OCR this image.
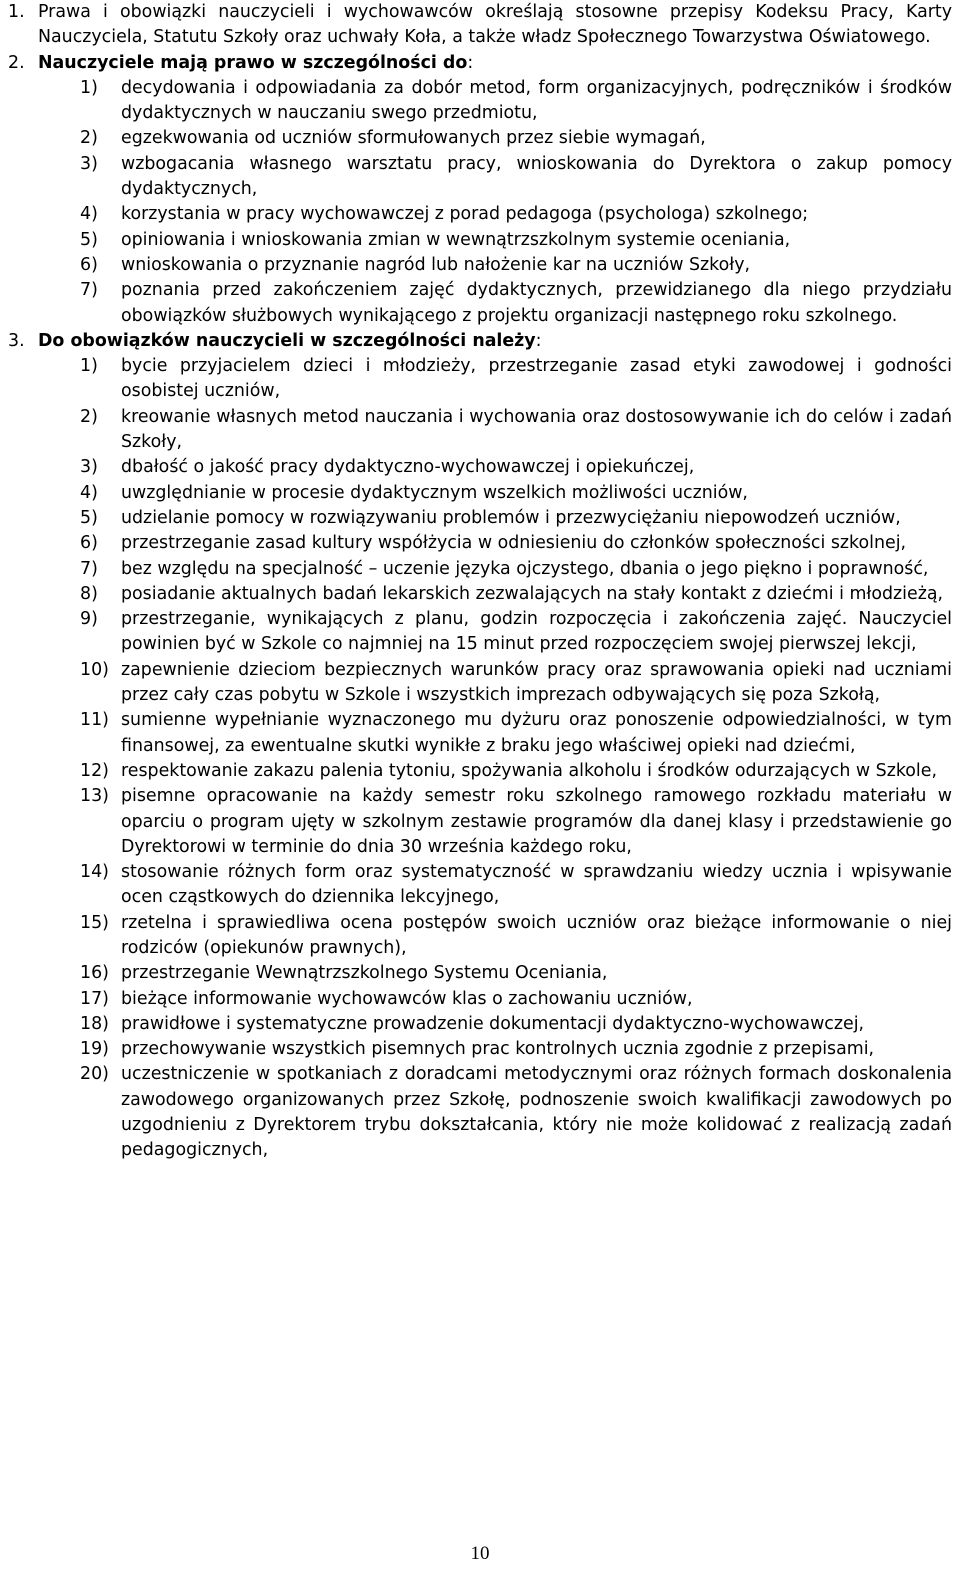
1. Prawa i obowiązki nauczycieli i wychowawców określają stosowne przepisy Kodeksu Pracy, Karty Nauczyciela, Statutu Szkoły oraz uchwały Koła, a także władz Społecznego Towarzystwa Oświatowego.
2. Nauczyciele mają prawo w szczególności do:
1)	decydowania i odpowiadania za dobór metod, form organizacyjnych, podręczników i środków dydaktycznych w nauczaniu swego przedmiotu,
2)	egzekwowania od uczniów sformułowanych przez siebie wymagań,
3)	wzbogacania własnego warsztatu pracy, wnioskowania do Dyrektora o zakup pomocy dydaktycznych,
4)	korzystania w pracy wychowawczej z porad pedagoga (psychologa) szkolnego;
5)	opiniowania i wnioskowania zmian w wewnątrzszkolnym systemie oceniania,
6)	wnioskowania o przyznanie nagród lub nałożenie kar na uczniów Szkoły,
7)	poznania przed zakończeniem zajęć dydaktycznych, przewidzianego dla niego przydziału obowiązków służbowych wynikającego z projektu organizacji następnego roku szkolnego.
3. Do obowiązków nauczycieli w szczególności należy:
1)	bycie przyjacielem dzieci i młodzieży, przestrzeganie zasad etyki zawodowej i godności osobistej uczniów,
2)	kreowanie własnych metod nauczania i wychowania oraz dostosowywanie ich do celów i zadań Szkoły,
3)	dbałość o jakość pracy dydaktyczno-wychowawczej i opiekuńczej,
4)	uwzględnianie w procesie dydaktycznym wszelkich możliwości uczniów,
5)	udzielanie pomocy w rozwiązywaniu problemów i przezwyciężaniu niepowodzeń uczniów,
6)	przestrzeganie zasad kultury współżycia w odniesieniu do członków społeczności szkolnej,
7)	bez względu na specjalność – uczenie języka ojczystego, dbania o jego piękno i poprawność,
8)	posiadanie aktualnych badań lekarskich zezwalających na stały kontakt z dziećmi i młodzieżą,
9)	przestrzeganie, wynikających z planu, godzin rozpoczęcia i zakończenia zajęć. Nauczyciel powinien być w Szkole co najmniej na 15 minut przed rozpoczęciem swojej pierwszej lekcji,
10) zapewnienie dzieciom bezpiecznych warunków pracy oraz sprawowania opieki nad uczniami przez cały czas pobytu w Szkole i wszystkich imprezach odbywających się poza Szkołą,
11) sumienne wypełnianie wyznaczonego mu dyżuru oraz ponoszenie odpowiedzialności, w tym finansowej, za ewentualne skutki wynikłe z braku jego właściwej opieki nad dziećmi,
12) respektowanie zakazu palenia tytoniu, spożywania alkoholu i środków odurzających w Szkole,
13) pisemne opracowanie na każdy semestr roku szkolnego ramowego rozkładu materiału w oparciu o program ujęty w szkolnym zestawie programów dla danej klasy i przedstawienie go Dyrektorowi w terminie do dnia 30 września każdego roku,
14) stosowanie różnych form oraz systematyczność w sprawdzaniu wiedzy ucznia i wpisywanie ocen cząstkowych do dziennika lekcyjnego,
15) rzetelna i sprawiedliwa ocena postępów swoich uczniów oraz bieżące informowanie o niej rodziców (opiekunów prawnych),
16) przestrzeganie Wewnątrzszkolnego Systemu Oceniania,
17) bieżące informowanie wychowawców klas o zachowaniu uczniów,
18) prawidłowe i systematyczne prowadzenie dokumentacji dydaktyczno-wychowawczej,
19) przechowywanie wszystkich pisemnych prac kontrolnych ucznia zgodnie z przepisami,
20) uczestniczenie w spotkaniach z doradcami metodycznymi oraz różnych formach doskonalenia zawodowego organizowanych przez Szkołę, podnoszenie swoich kwalifikacji zawodowych po uzgodnieniu z Dyrektorem trybu dokształcania, który nie może kolidować z realizacją zadań pedagogicznych,
10
